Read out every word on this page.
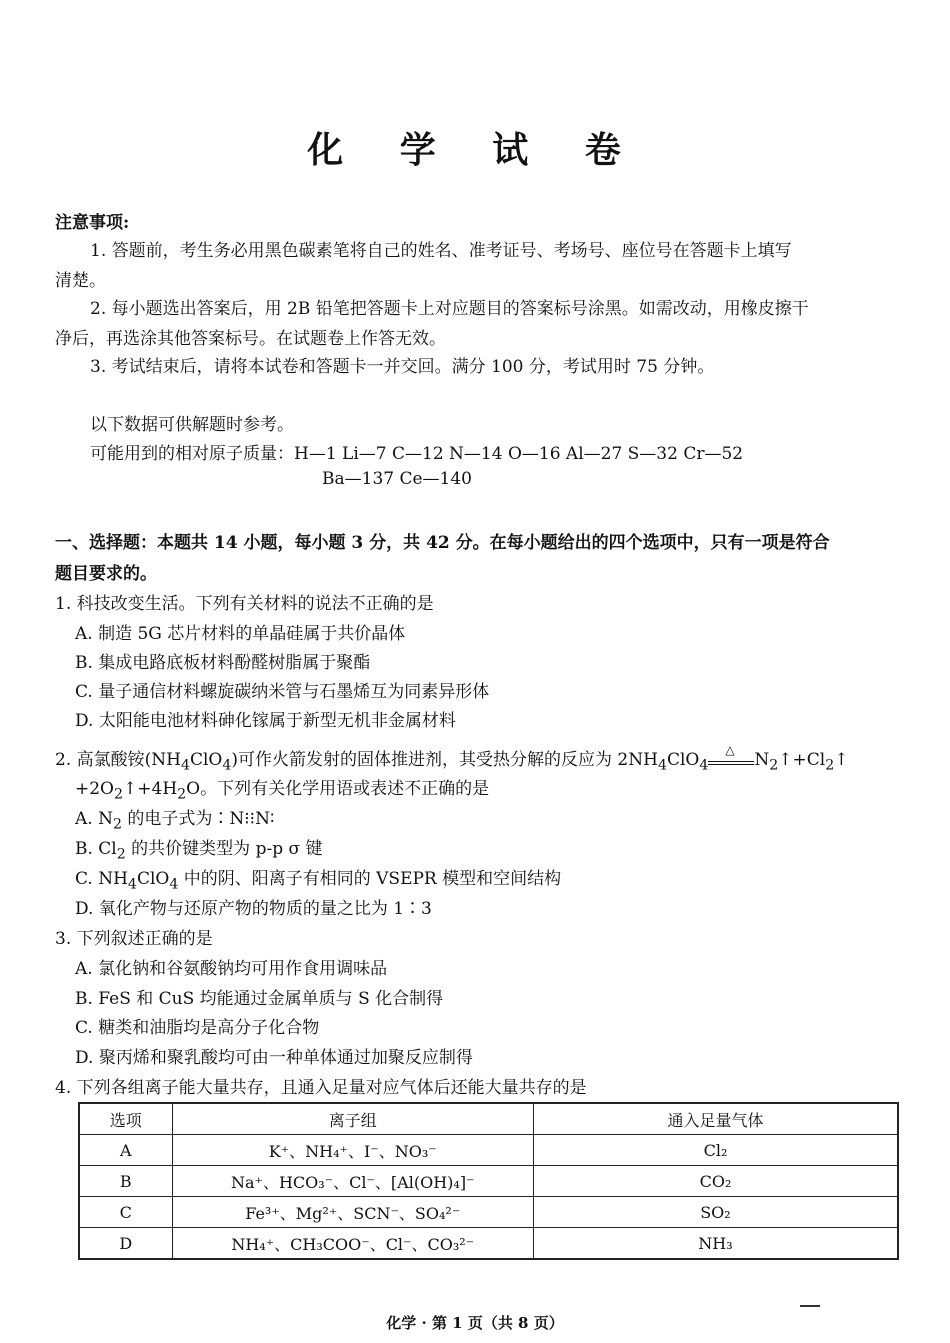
化 学 试 卷
注意事项:
1. 答题前，考生务必用黑色碳素笔将自己的姓名、准考证号、考场号、座位号在答题卡上填写
清楚。
2. 每小题选出答案后，用 2B 铅笔把答题卡上对应题目的答案标号涂黑。如需改动，用橡皮擦干
净后，再选涂其他答案标号。在试题卷上作答无效。
3. 考试结束后，请将本试卷和答题卡一并交回。满分 100 分，考试用时 75 分钟。
以下数据可供解题时参考。
可能用到的相对原子质量：H—1 Li—7 C—12 N—14 O—16 Al—27 S—32 Cr—52
Ba—137 Ce—140
一、选择题：本题共 14 小题，每小题 3 分，共 42 分。在每小题给出的四个选项中，只有一项是符合
题目要求的。
1. 科技改变生活。下列有关材料的说法不正确的是
A. 制造 5G 芯片材料的单晶硅属于共价晶体
B. 集成电路底板材料酚醛树脂属于聚酯
C. 量子通信材料螺旋碳纳米管与石墨烯互为同素异形体
D. 太阳能电池材料砷化镓属于新型无机非金属材料
2. 高氯酸铵$(NH_4ClO_4)$可作火箭发射的固体推进剂，其受热分解的反应为 $2NH_4ClO_4$
△
$N_2↑+Cl_2↑$
$+2O_2↑+4H_2O$。下列有关化学用语或表述不正确的是
A. $N_2$ 的电子式为∶N⁝⁝N∶
B. $Cl_2$ 的共价键类型为 p-p σ 键
C. $NH_4ClO_4$ 中的阴、阳离子有相同的 VSEPR 模型和空间结构
D. 氧化产物与还原产物的物质的量之比为 1∶3
3. 下列叙述正确的是
A. 氯化钠和谷氨酸钠均可用作食用调味品
B. FeS 和 CuS 均能通过金属单质与 S 化合制得
C. 糖类和油脂均是高分子化合物
D. 聚丙烯和聚乳酸均可由一种单体通过加聚反应制得
4. 下列各组离子能大量共存，且通入足量对应气体后还能大量共存的是
选项	离子组	通入足量气体
A	K⁺、NH₄⁺、I⁻、NO₃⁻	Cl₂
B	Na⁺、HCO₃⁻、Cl⁻、[Al(OH)₄]⁻	CO₂
C	Fe³⁺、Mg²⁺、SCN⁻、SO₄²⁻	SO₂
D	NH₄⁺、CH₃COO⁻、Cl⁻、CO₃²⁻	NH₃
化学 · 第 1 页（共 8 页）
